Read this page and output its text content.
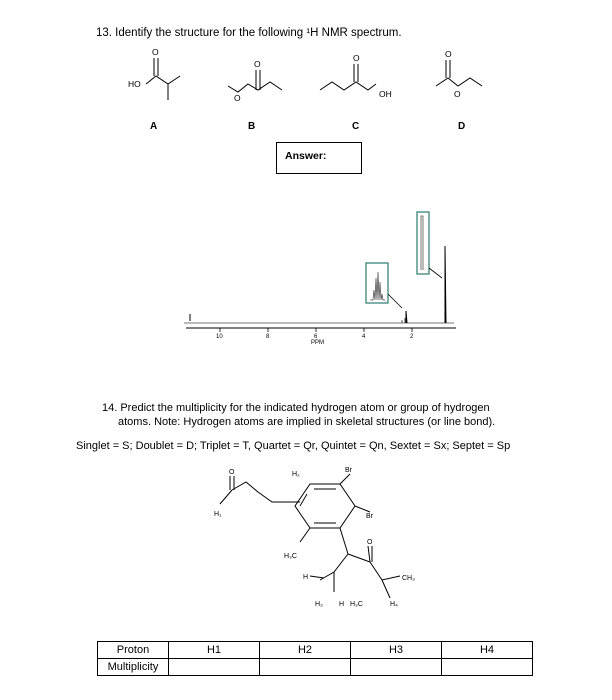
13. Identify the structure for the following ¹H NMR spectrum.
O
HO
O
O
O
OH
O
O
A	B	C	D
Answer:
10	8	6	4	2
PPM
14. Predict the multiplicity for the indicated hydrogen atom or group of hydrogen
atoms. Note: Hydrogen atoms are implied in skeletal structures (or line bond).
Singlet = S; Doublet = D; Triplet = T, Quartet = Qr, Quintet = Qn, Sextet = Sx; Septet = Sp
O
H₁
H₂
Br
Br
H₃C
H
O
CH₃
H₃ H H₃C	H₄
Proton	H1	H2	H3	H4
Multiplicity				
